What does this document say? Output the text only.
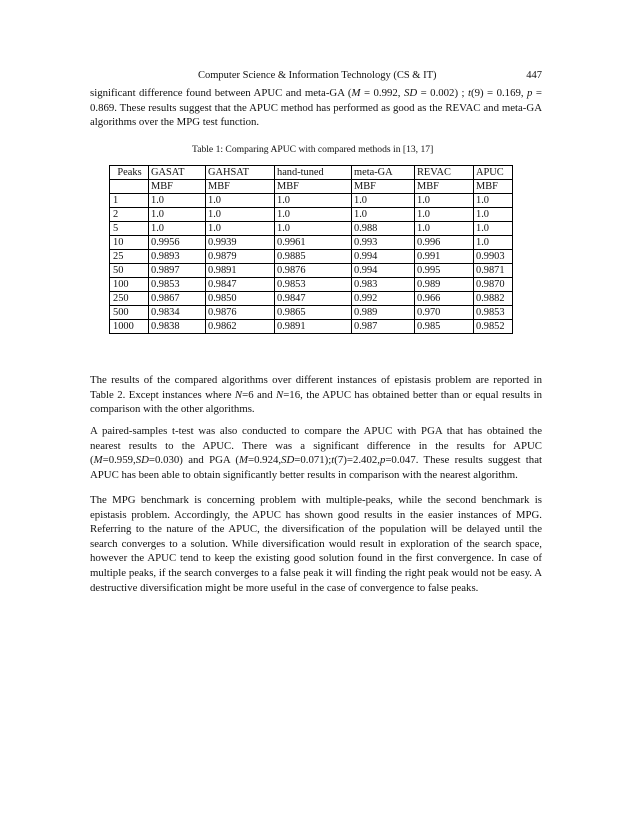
Computer Science & Information Technology (CS & IT)	447

significant difference found between APUC and meta-GA (M = 0.992, SD = 0.002) ; t(9) = 0.169, p = 0.869. These results suggest that the APUC method has performed as good as the REVAC and meta-GA algorithms over the MPG test function.

Table 1: Comparing APUC with compared methods in [13, 17]
Peaks	GASAT	GAHSAT	hand-tuned	meta-GA	REVAC	APUC
	MBF	MBF	MBF	MBF	MBF	MBF
1	1.0	1.0	1.0	1.0	1.0	1.0
2	1.0	1.0	1.0	1.0	1.0	1.0
5	1.0	1.0	1.0	0.988	1.0	1.0
10	0.9956	0.9939	0.9961	0.993	0.996	1.0
25	0.9893	0.9879	0.9885	0.994	0.991	0.9903
50	0.9897	0.9891	0.9876	0.994	0.995	0.9871
100	0.9853	0.9847	0.9853	0.983	0.989	0.9870
250	0.9867	0.9850	0.9847	0.992	0.966	0.9882
500	0.9834	0.9876	0.9865	0.989	0.970	0.9853
1000	0.9838	0.9862	0.9891	0.987	0.985	0.9852

The results of the compared algorithms over different instances of epistasis problem are reported in Table 2. Except instances where N=6 and N=16, the APUC has obtained better than or equal results in comparison with the other algorithms.

A paired-samples t-test was also conducted to compare the APUC with PGA that has obtained the nearest results to the APUC. There was a significant difference in the results for APUC (M=0.959,SD=0.030) and PGA (M=0.924,SD=0.071);t(7)=2.402,p=0.047. These results suggest that APUC has been able to obtain significantly better results in comparison with the nearest algorithm.

The MPG benchmark is concerning problem with multiple-peaks, while the second benchmark is epistasis problem. Accordingly, the APUC has shown good results in the easier instances of MPG. Referring to the nature of the APUC, the diversification of the population will be delayed until the search converges to a solution. While diversification would result in exploration of the search space, however the APUC tend to keep the existing good solution found in the first convergence. In case of multiple peaks, if the search converges to a false peak it will finding the right peak would not be easy. A destructive diversification might be more useful in the case of convergence to false peaks.
